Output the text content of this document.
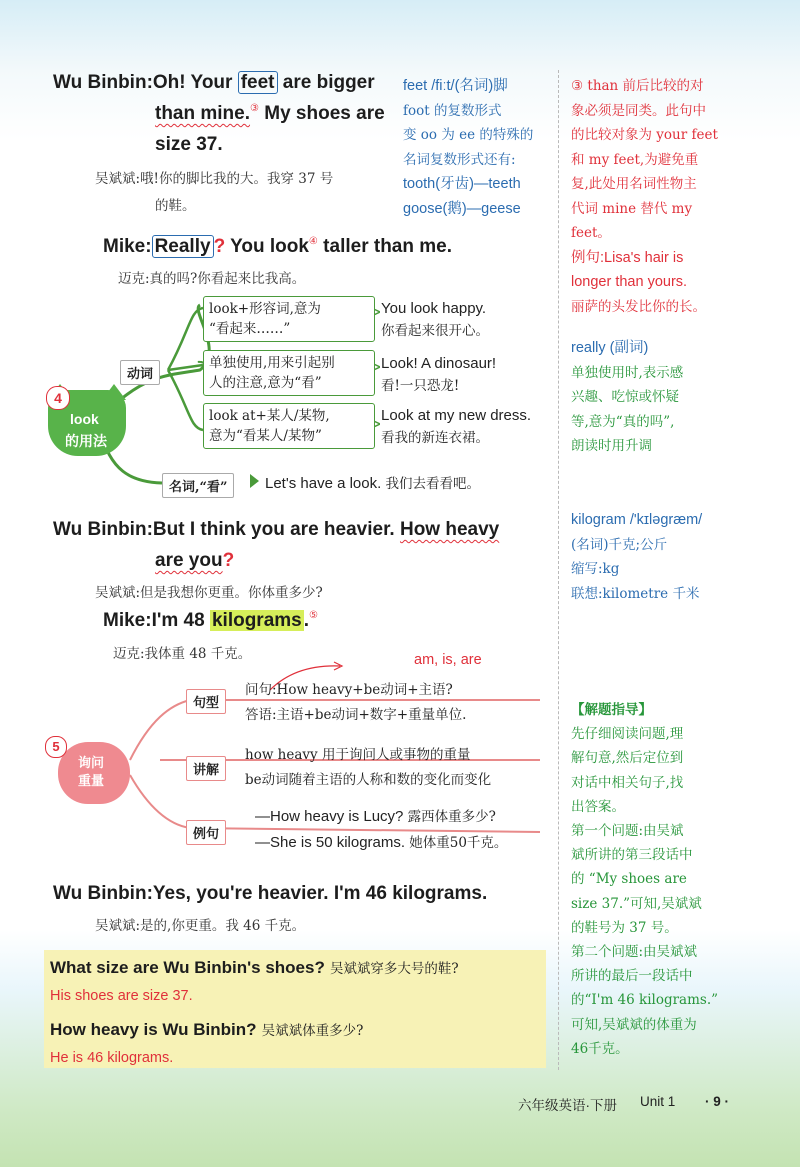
Wu Binbin:Oh! Your feet are bigger
than mine.③ My shoes are
size 37.
吴斌斌:哦!你的脚比我的大。我穿 37 号
的鞋。
feet /fiːt/(名词)脚
foot 的复数形式
变 oo 为 ee 的特殊的
名词复数形式还有:
tooth(牙齿)—teeth
goose(鹅)—geese
③ than 前后比较的对
象必须是同类。此句中
的比较对象为 your feet
和 my feet,为避免重
复,此处用名词性物主
代词 mine 替代 my
feet。
例句:Lisa's hair is
longer than yours.
丽萨的头发比你的长。
Mike: Really ? You look④ taller than me.
迈克:真的吗?你看起来比我高。
4
look
的用法
动词
look+形容词,意为
“看起来……”
You look happy.
你看起来很开心。
单独使用,用来引起别
人的注意,意为“看”
Look! A dinosaur!
看!一只恐龙!
look at+某人/某物,
意为“看某人/某物”
Look at my new dress.
看我的新连衣裙。
名词,“看”	Let's have a look. 我们去看看吧。
really (副词)
单独使用时,表示感
兴趣、吃惊或怀疑
等,意为“真的吗”,
朗读时用升调
Wu Binbin:But I think you are heavier. How heavy
are you?
吴斌斌:但是我想你更重。你体重多少?
Mike:I'm 48 kilograms .⑤
迈克:我体重 48 千克。
kilogram /'kɪləɡræm/
(名词)千克;公斤
缩写:kg
联想:kilometre 千米
5
询问
重量
句型
讲解
例句
am, is, are
问句:How heavy+be动词+主语?
答语:主语+be动词+数字+重量单位.
how heavy 用于询问人或事物的重量
be动词随着主语的人称和数的变化而变化
—How heavy is Lucy? 露西体重多少?
—She is 50 kilograms. 她体重50千克。
【解题指导】
先仔细阅读问题,理
解句意,然后定位到
对话中相关句子,找
出答案。
第一个问题:由吴斌
斌所讲的第三段话中
的 “My shoes are
size 37.”可知,吴斌斌
的鞋号为 37 号。
第二个问题:由吴斌斌
所讲的最后一段话中
的“I'm 46 kilograms.”
可知,吴斌斌的体重为
46千克。
Wu Binbin:Yes, you're heavier. I'm 46 kilograms.
吴斌斌:是的,你更重。我 46 千克。
What size are Wu Binbin's shoes? 吴斌斌穿多大号的鞋?
His shoes are size 37.
How heavy is Wu Binbin? 吴斌斌体重多少?
He is 46 kilograms.
六年级英语·下册 Unit 1 · 9 ·
